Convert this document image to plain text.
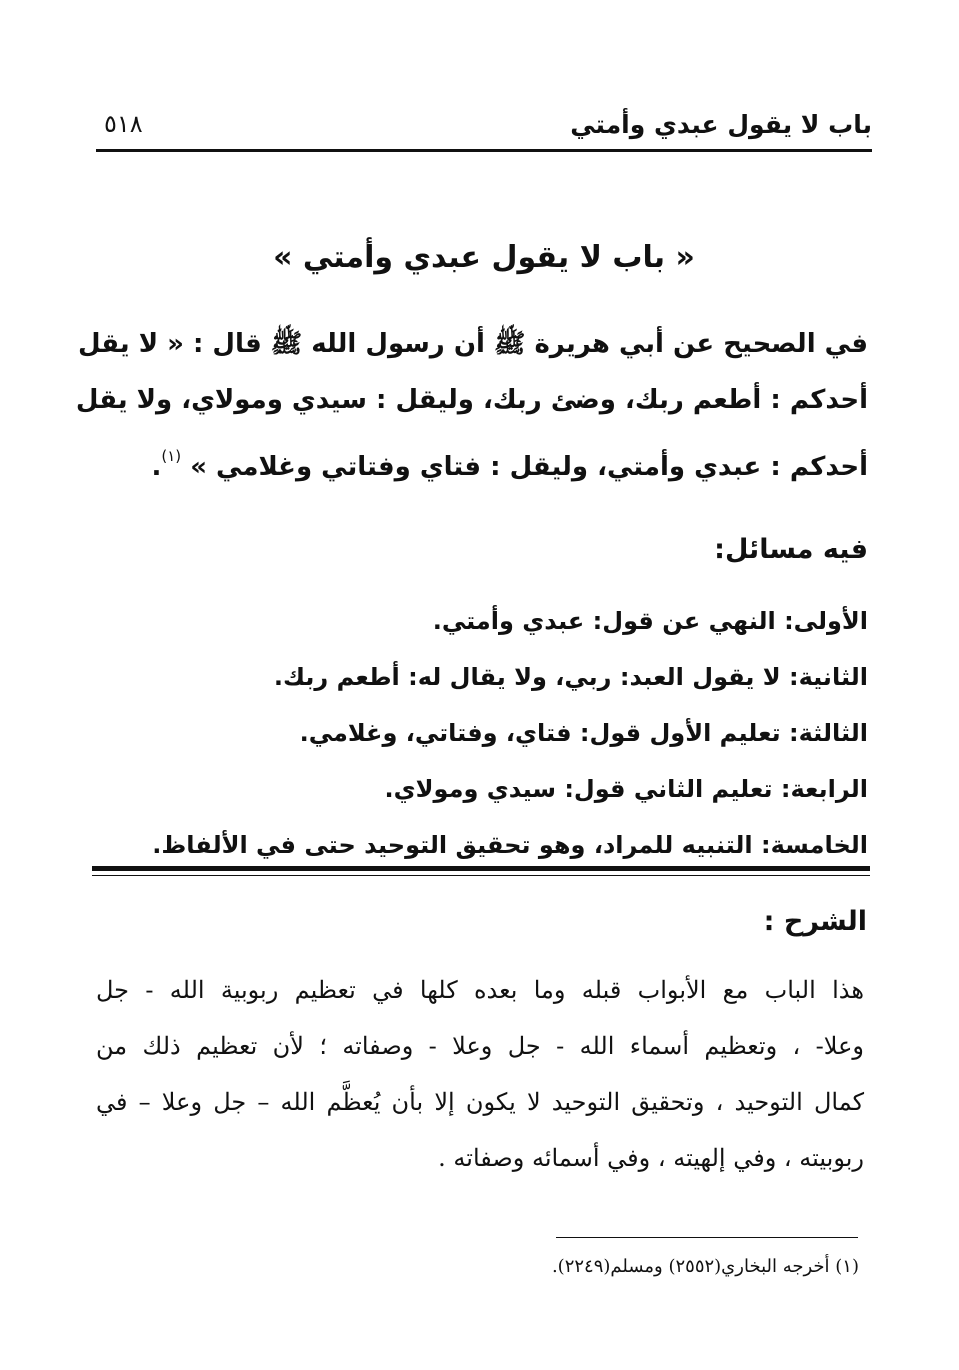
باب لا يقول عبدي وأمتي
٥١٨
« باب لا يقول عبدي وأمتي »
في الصحيح عن أبي هريرة ﷺ أن رسول الله ﷺ قال : « لا يقل
أحدكم : أطعم ربك، وضئ ربك، وليقل : سيدي ومولاي، ولا يقل
أحدكم : عبدي وأمتي، وليقل : فتاي وفتاتي وغلامي » $^{(١)}$.
فيه مسائل:
الأولى: النهي عن قول: عبدي وأمتي.
الثانية: لا يقول العبد: ربي، ولا يقال له: أطعم ربك.
الثالثة: تعليم الأول قول: فتاي، وفتاتي، وغلامي.
الرابعة: تعليم الثاني قول: سيدي ومولاي.
الخامسة: التنبيه للمراد، وهو تحقيق التوحيد حتى في الألفاظ.
الشرح :
هذا الباب مع الأبواب قبله وما بعده كلها في تعظيم ربوبية الله - جل
وعلا- ، وتعظيم أسماء الله - جل وعلا - وصفاته ؛ لأن تعظيم ذلك من
كمال التوحيد ، وتحقيق التوحيد لا يكون إلا بأن يُعظَّم الله – جل وعلا – في
ربوبيته ، وفي إلهيته ، وفي أسمائه وصفاته .
(١) أخرجه البخاري(٢٥٥٢) ومسلم(٢٢٤٩).
